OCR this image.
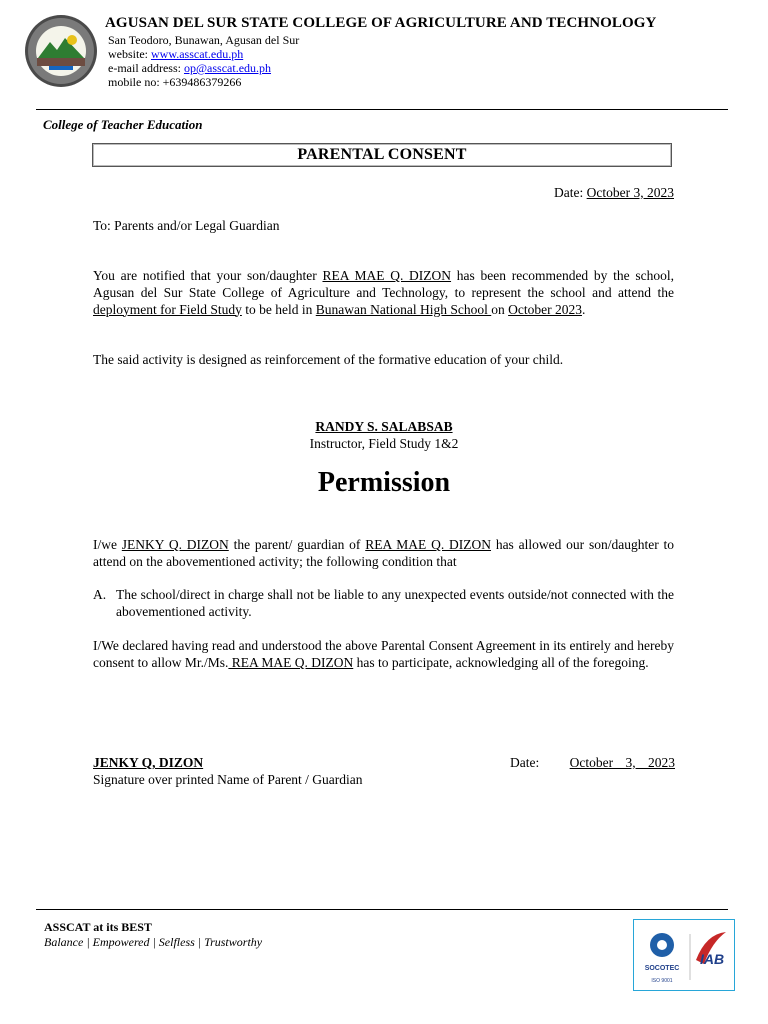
AGUSAN DEL SUR STATE COLLEGE OF AGRICULTURE AND TECHNOLOGY
San Teodoro, Bunawan, Agusan del Sur
website: www.asscat.edu.ph
e-mail address: op@asscat.edu.ph
mobile no: +639486379266
College of Teacher Education
PARENTAL CONSENT
Date: October 3, 2023
To: Parents and/or Legal Guardian
You are notified that your son/daughter REA MAE Q. DIZON has been recommended by the school, Agusan del Sur State College of Agriculture and Technology, to represent the school and attend the deployment for Field Study to be held in Bunawan National High School on October 2023.
The said activity is designed as reinforcement of the formative education of your child.
RANDY S. SALABSAB
Instructor, Field Study 1&2
Permission
I/we JENKY Q. DIZON the parent/ guardian of REA MAE Q. DIZON has allowed our son/daughter to attend on the abovementioned activity; the following condition that
A. The school/direct in charge shall not be liable to any unexpected events outside/not connected with the abovementioned activity.
I/We declared having read and understood the above Parental Consent Agreement in its entirely and hereby consent to allow Mr./Ms. REA MAE Q. DIZON has to participate, acknowledging all of the foregoing.
JENKY Q, DIZON
Signature over printed Name of Parent / Guardian
Date: October 3, 2023
ASSCAT at its BEST
Balance | Empowered | Selfless | Trustworthy
SOCOTEC
ISO 9001
IAB
